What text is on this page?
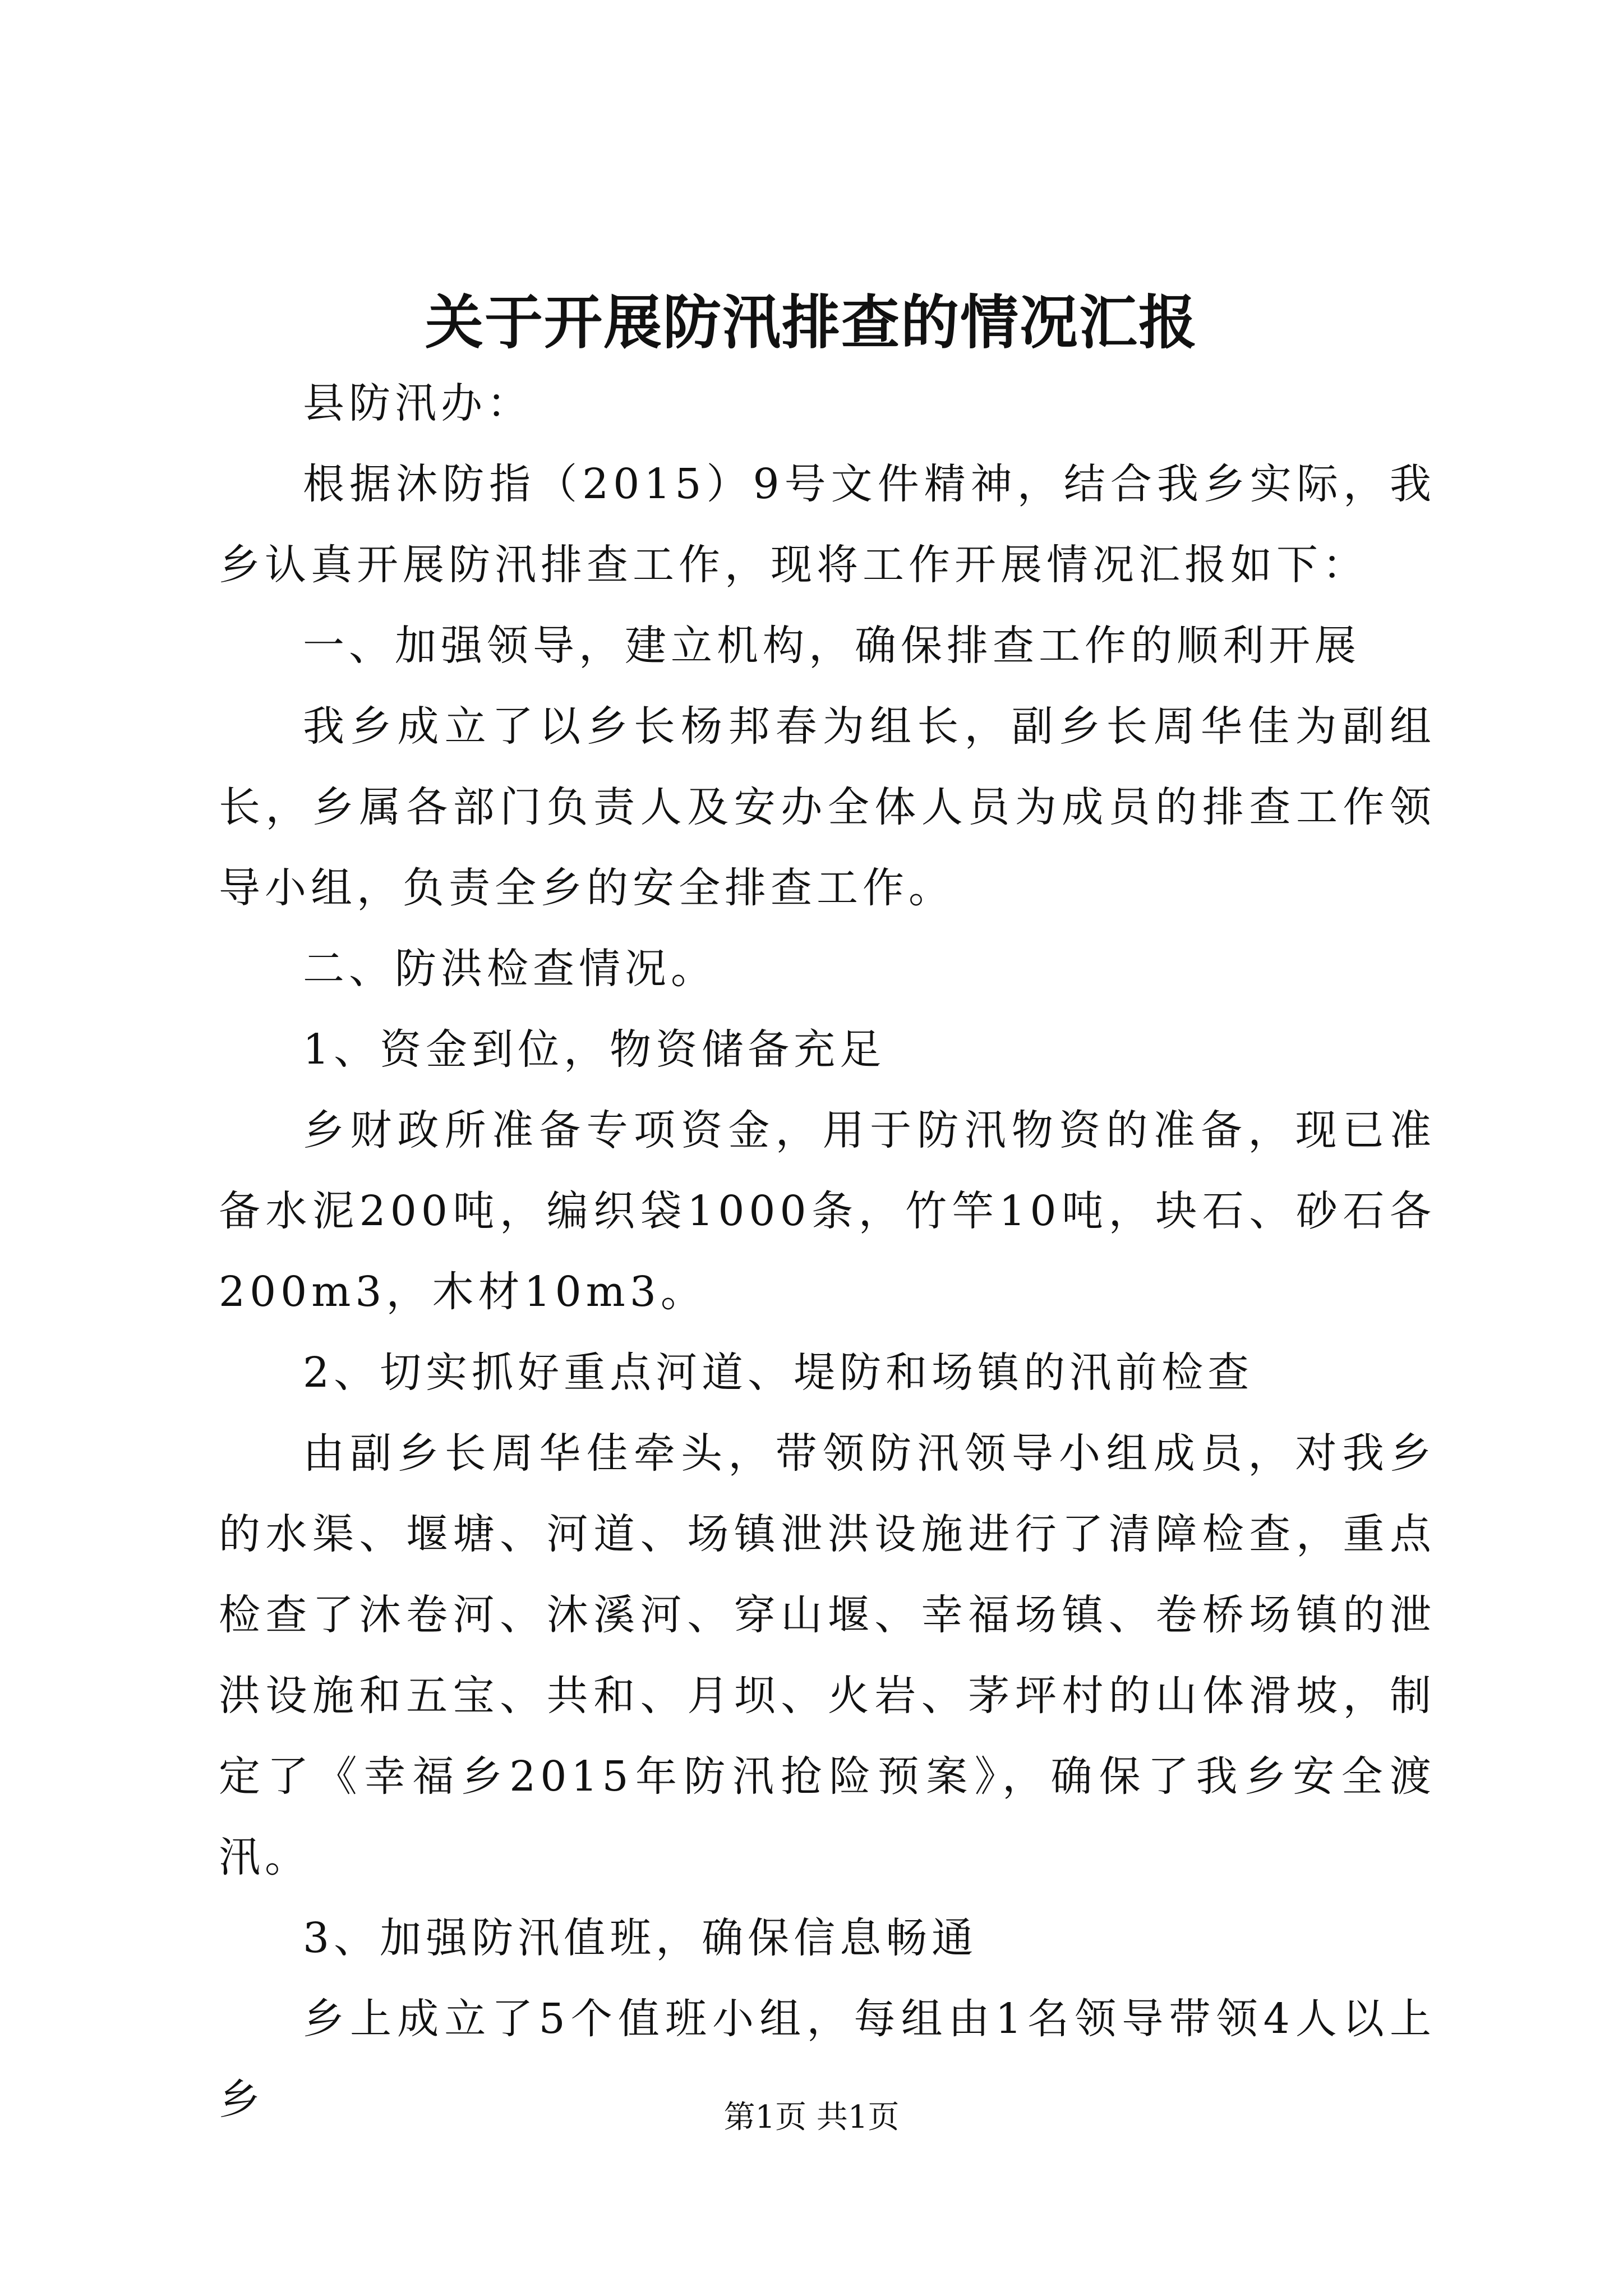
关于开展防汛排查的情况汇报

县防汛办：

根据沐防指（2015）9号文件精神，结合我乡实际，我乡认真开展防汛排查工作，现将工作开展情况汇报如下：

一、加强领导，建立机构，确保排查工作的顺利开展

我乡成立了以乡长杨邦春为组长，副乡长周华佳为副组长，乡属各部门负责人及安办全体人员为成员的排查工作领导小组，负责全乡的安全排查工作。

二、防洪检查情况。

1、资金到位，物资储备充足

乡财政所准备专项资金，用于防汛物资的准备，现已准备水泥200吨，编织袋1000条，竹竿10吨，块石、砂石各200m3，木材10m3。

2、切实抓好重点河道、堤防和场镇的汛前检查

由副乡长周华佳牵头，带领防汛领导小组成员，对我乡的水渠、堰塘、河道、场镇泄洪设施进行了清障检查，重点检查了沐卷河、沐溪河、穿山堰、幸福场镇、卷桥场镇的泄洪设施和五宝、共和、月坝、火岩、茅坪村的山体滑坡，制定了《幸福乡2015年防汛抢险预案》，确保了我乡安全渡汛。

3、加强防汛值班，确保信息畅通

乡上成立了5个值班小组，每组由1名领导带领4人以上乡	第1页 共1页
